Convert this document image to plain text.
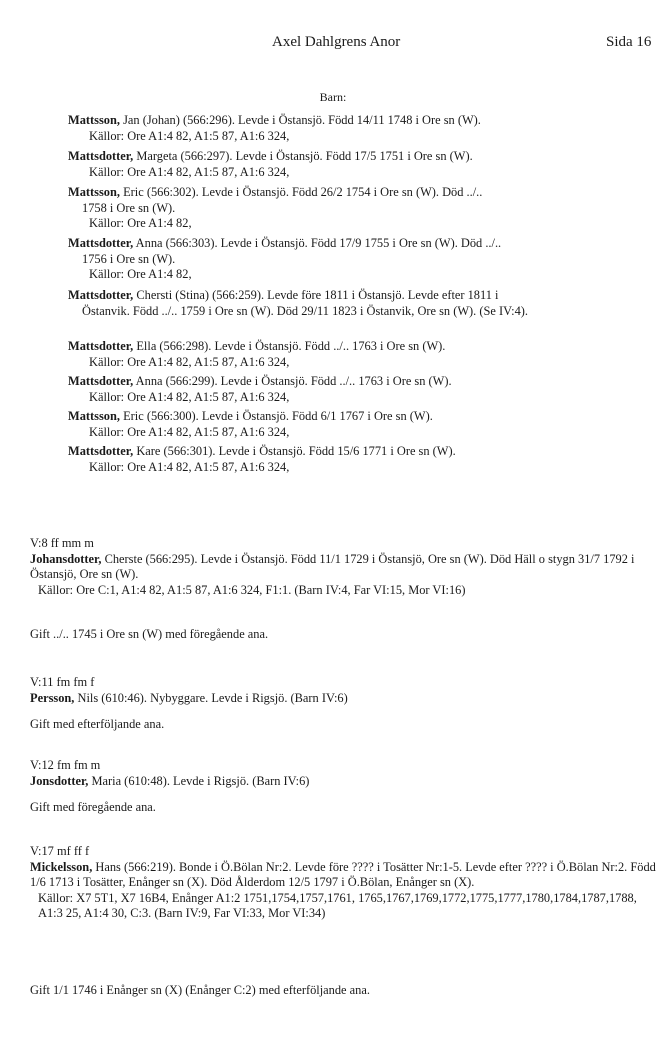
Axel Dahlgrens Anor	Sida 16
Barn:
Mattsson, Jan (Johan) (566:296). Levde i Östansjö. Född 14/11 1748 i Ore sn (W).
Källor: Ore A1:4 82, A1:5 87, A1:6 324,
Mattsdotter, Margeta (566:297). Levde i Östansjö. Född 17/5 1751 i Ore sn (W).
Källor: Ore A1:4 82, A1:5 87, A1:6 324,
Mattsson, Eric (566:302). Levde i Östansjö. Född 26/2 1754 i Ore sn (W). Död ../..
1758 i Ore sn (W).
Källor: Ore A1:4 82,
Mattsdotter, Anna (566:303). Levde i Östansjö. Född 17/9 1755 i Ore sn (W). Död ../..
1756 i Ore sn (W).
Källor: Ore A1:4 82,
Mattsdotter, Chersti (Stina) (566:259). Levde före 1811 i Östansjö. Levde efter 1811 i
Östanvik. Född ../.. 1759 i Ore sn (W). Död 29/11 1823 i Östanvik, Ore sn (W). (Se IV:4).
Mattsdotter, Ella (566:298). Levde i Östansjö. Född ../.. 1763 i Ore sn (W).
Källor: Ore A1:4 82, A1:5 87, A1:6 324,
Mattsdotter, Anna (566:299). Levde i Östansjö. Född ../.. 1763 i Ore sn (W).
Källor: Ore A1:4 82, A1:5 87, A1:6 324,
Mattsson, Eric (566:300). Levde i Östansjö. Född 6/1 1767 i Ore sn (W).
Källor: Ore A1:4 82, A1:5 87, A1:6 324,
Mattsdotter, Kare (566:301). Levde i Östansjö. Född 15/6 1771 i Ore sn (W).
Källor: Ore A1:4 82, A1:5 87, A1:6 324,
V:8 ff mm m
Johansdotter, Cherste (566:295). Levde i Östansjö. Född 11/1 1729 i Östansjö, Ore sn (W). Död Häll o stygn 31/7 1792 i Östansjö, Ore sn (W).
Källor: Ore C:1, A1:4 82, A1:5 87, A1:6 324, F1:1. (Barn IV:4, Far VI:15, Mor VI:16)
Gift ../.. 1745 i Ore sn (W) med föregående ana.
V:11 fm fm f
Persson, Nils (610:46). Nybyggare. Levde i Rigsjö. (Barn IV:6)
Gift med efterföljande ana.
V:12 fm fm m
Jonsdotter, Maria (610:48). Levde i Rigsjö. (Barn IV:6)
Gift med föregående ana.
V:17 mf ff f
Mickelsson, Hans (566:219). Bonde i Ö.Bölan Nr:2. Levde före ???? i Tosätter Nr:1-5. Levde efter ???? i Ö.Bölan Nr:2. Född 1/6 1713 i Tosätter, Enånger sn (X). Död Ålderdom 12/5 1797 i Ö.Bölan, Enånger sn (X).
Källor: X7 5T1, X7 16B4, Enånger A1:2 1751,1754,1757,1761, 1765,1767,1769,1772,1775,1777,1780,1784,1787,1788, A1:3 25, A1:4 30, C:3. (Barn IV:9, Far VI:33, Mor VI:34)
Gift 1/1 1746 i Enånger sn (X) (Enånger C:2) med efterföljande ana.
